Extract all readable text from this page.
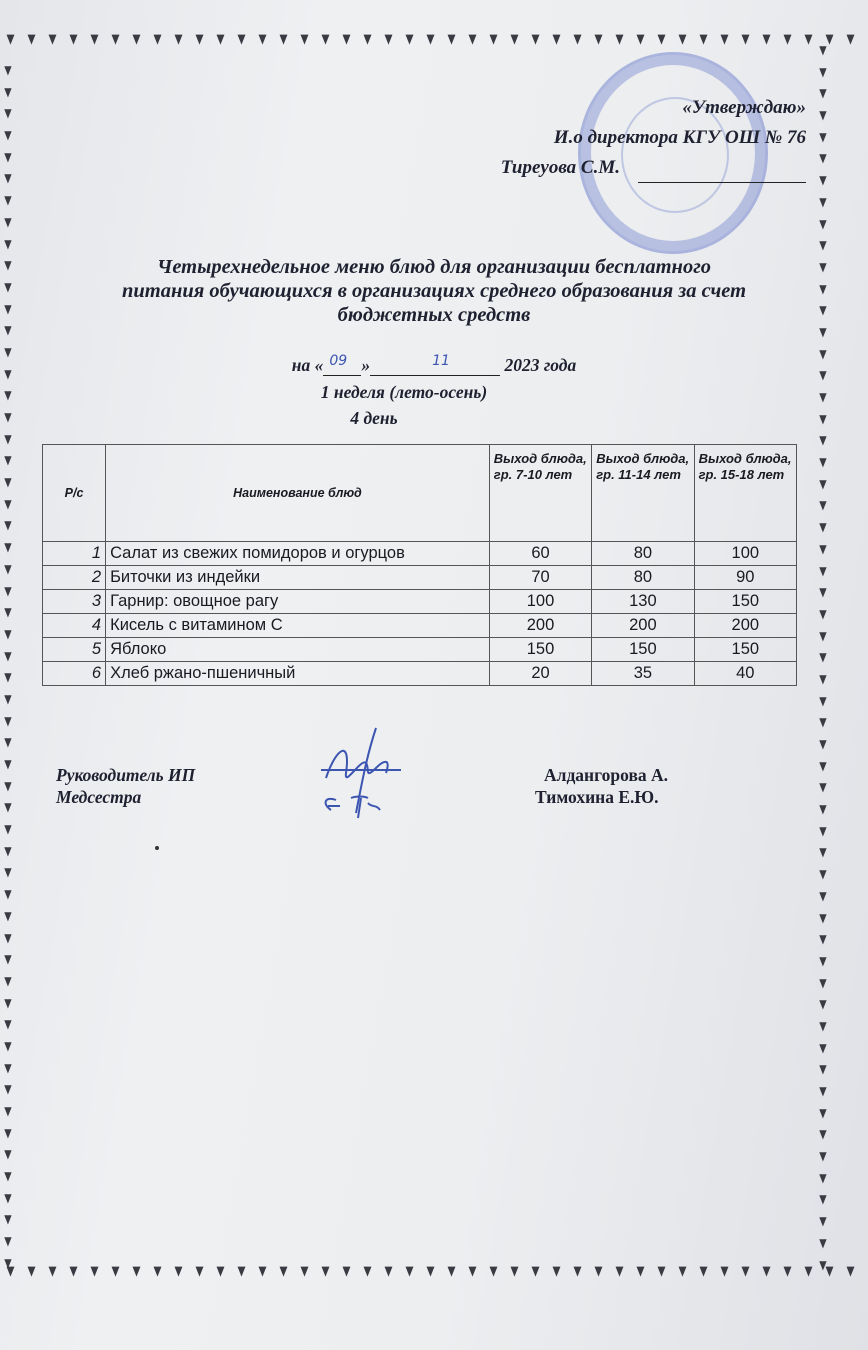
▼ ▼	▼	▼	▼	▼	▼	▼	▼	▼	▼	▼	▼	▼	▼	▼	▼	▼	▼	▼	▼	▼	▼	▼	▼	▼	▼	▼	▼	▼	▼	▼	▼	▼	▼	▼	▼	▼	▼	▼	▼
▼ ▼	▼	▼	▼	▼	▼	▼	▼	▼	▼	▼	▼	▼	▼	▼	▼	▼	▼	▼	▼	▼	▼	▼	▼	▼	▼	▼	▼	▼	▼	▼	▼	▼	▼	▼	▼	▼	▼	▼	▼
▼
▼
▼
▼
▼
▼
▼
▼
▼
▼
▼
▼
▼
▼
▼
▼
▼
▼
▼
▼
▼
▼
▼
▼
▼
▼
▼
▼
▼
▼
▼
▼
▼
▼
▼
▼
▼
▼
▼
▼
▼
▼
▼
▼
▼
▼
▼
▼
▼
▼
▼
▼
▼
▼
▼
▼
▼
▼
▼
▼
▼
▼
▼
▼
▼
▼
▼
▼
▼
▼
▼
▼
▼
▼
▼
▼
▼
▼
▼
▼
▼
▼
▼
▼
▼
▼
▼
▼
▼
▼
▼
▼
▼
▼
▼
▼
▼
▼
▼
▼
▼
▼
▼
▼
▼
▼
▼
▼
▼
▼
▼
▼
▼
«Утверждаю»
И.о директора КГУ ОШ № 76
Тиреуова С.М.
Четырехнедельное меню блюд для организации бесплатного
питания обучающихся в организациях среднего образования за счет
бюджетных средств
на « 09 »	11	2023 года
1 неделя (лето-осень)
4 день
Р/с	Наименование блюд	Выход блюда, гр. 7-10 лет	Выход блюда, гр. 11-14 лет	Выход блюда, гр. 15-18 лет
1	Салат из свежих помидоров и огурцов	60	80	100
2	Биточки из индейки	70	80	90
3	Гарнир: овощное рагу	100	130	150
4	Кисель с витамином С	200	200	200
5	Яблоко	150	150	150
6	Хлеб ржано-пшеничный	20	35	40
Руководитель ИП
Медсестра
Алдангорова А.
Тимохина Е.Ю.
